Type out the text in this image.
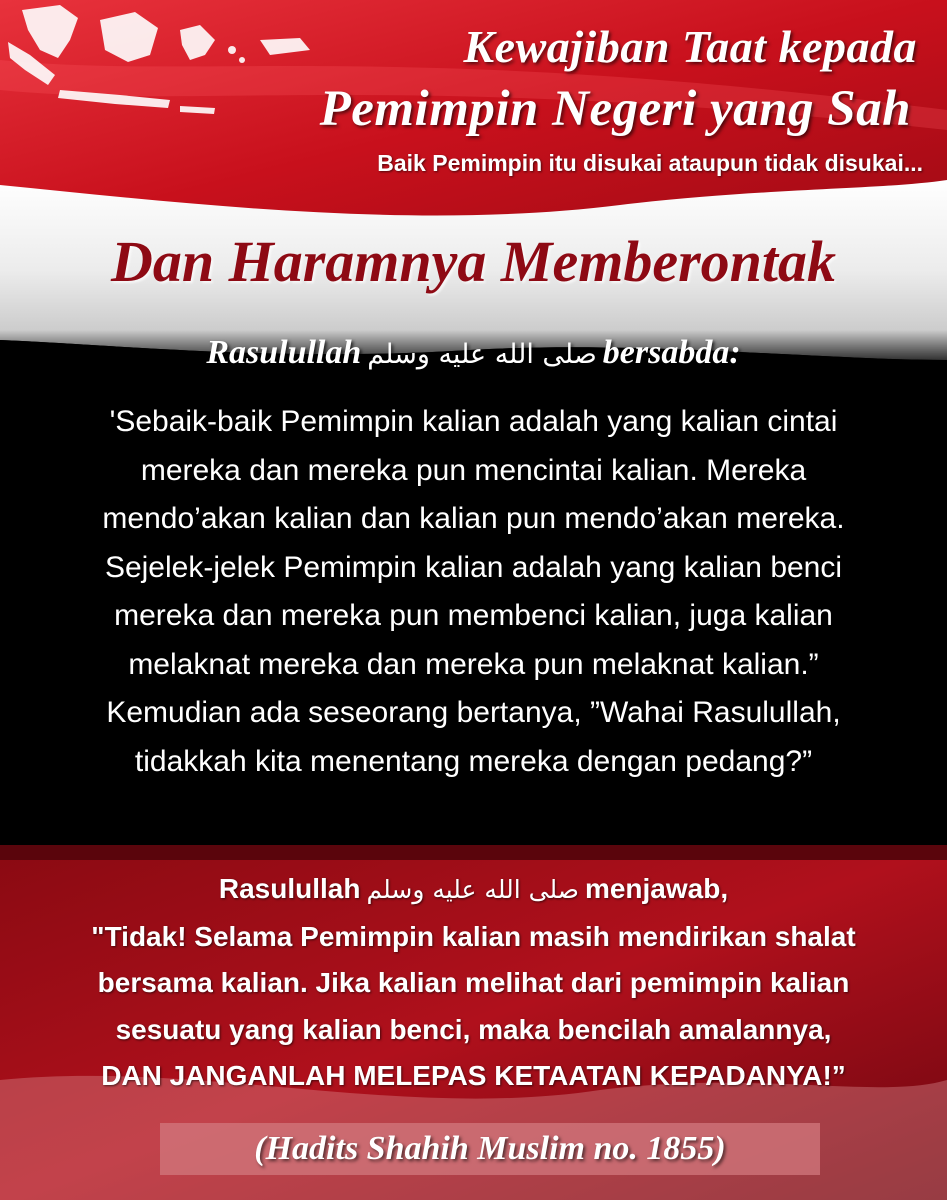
Kewajiban Taat kepada
Pemimpin Negeri yang Sah
Baik Pemimpin itu disukai ataupun tidak disukai...
Dan Haramnya Memberontak
Rasulullah صلى الله عليه وسلم bersabda:
'Sebaik-baik Pemimpin kalian adalah yang kalian cintai
mereka dan mereka pun mencintai kalian. Mereka
mendo’akan kalian dan kalian pun mendo’akan mereka.
Sejelek-jelek Pemimpin kalian adalah yang kalian benci
mereka dan mereka pun membenci kalian, juga kalian
melaknat mereka dan mereka pun melaknat kalian.”
Kemudian ada seseorang bertanya, ”Wahai Rasulullah,
tidakkah kita menentang mereka dengan pedang?”
Rasulullah صلى الله عليه وسلم menjawab,
"Tidak! Selama Pemimpin kalian masih mendirikan shalat
bersama kalian. Jika kalian melihat dari pemimpin kalian
sesuatu yang kalian benci, maka bencilah amalannya,
DAN JANGANLAH MELEPAS KETAATAN KEPADANYA!”
(Hadits Shahih Muslim no. 1855)
